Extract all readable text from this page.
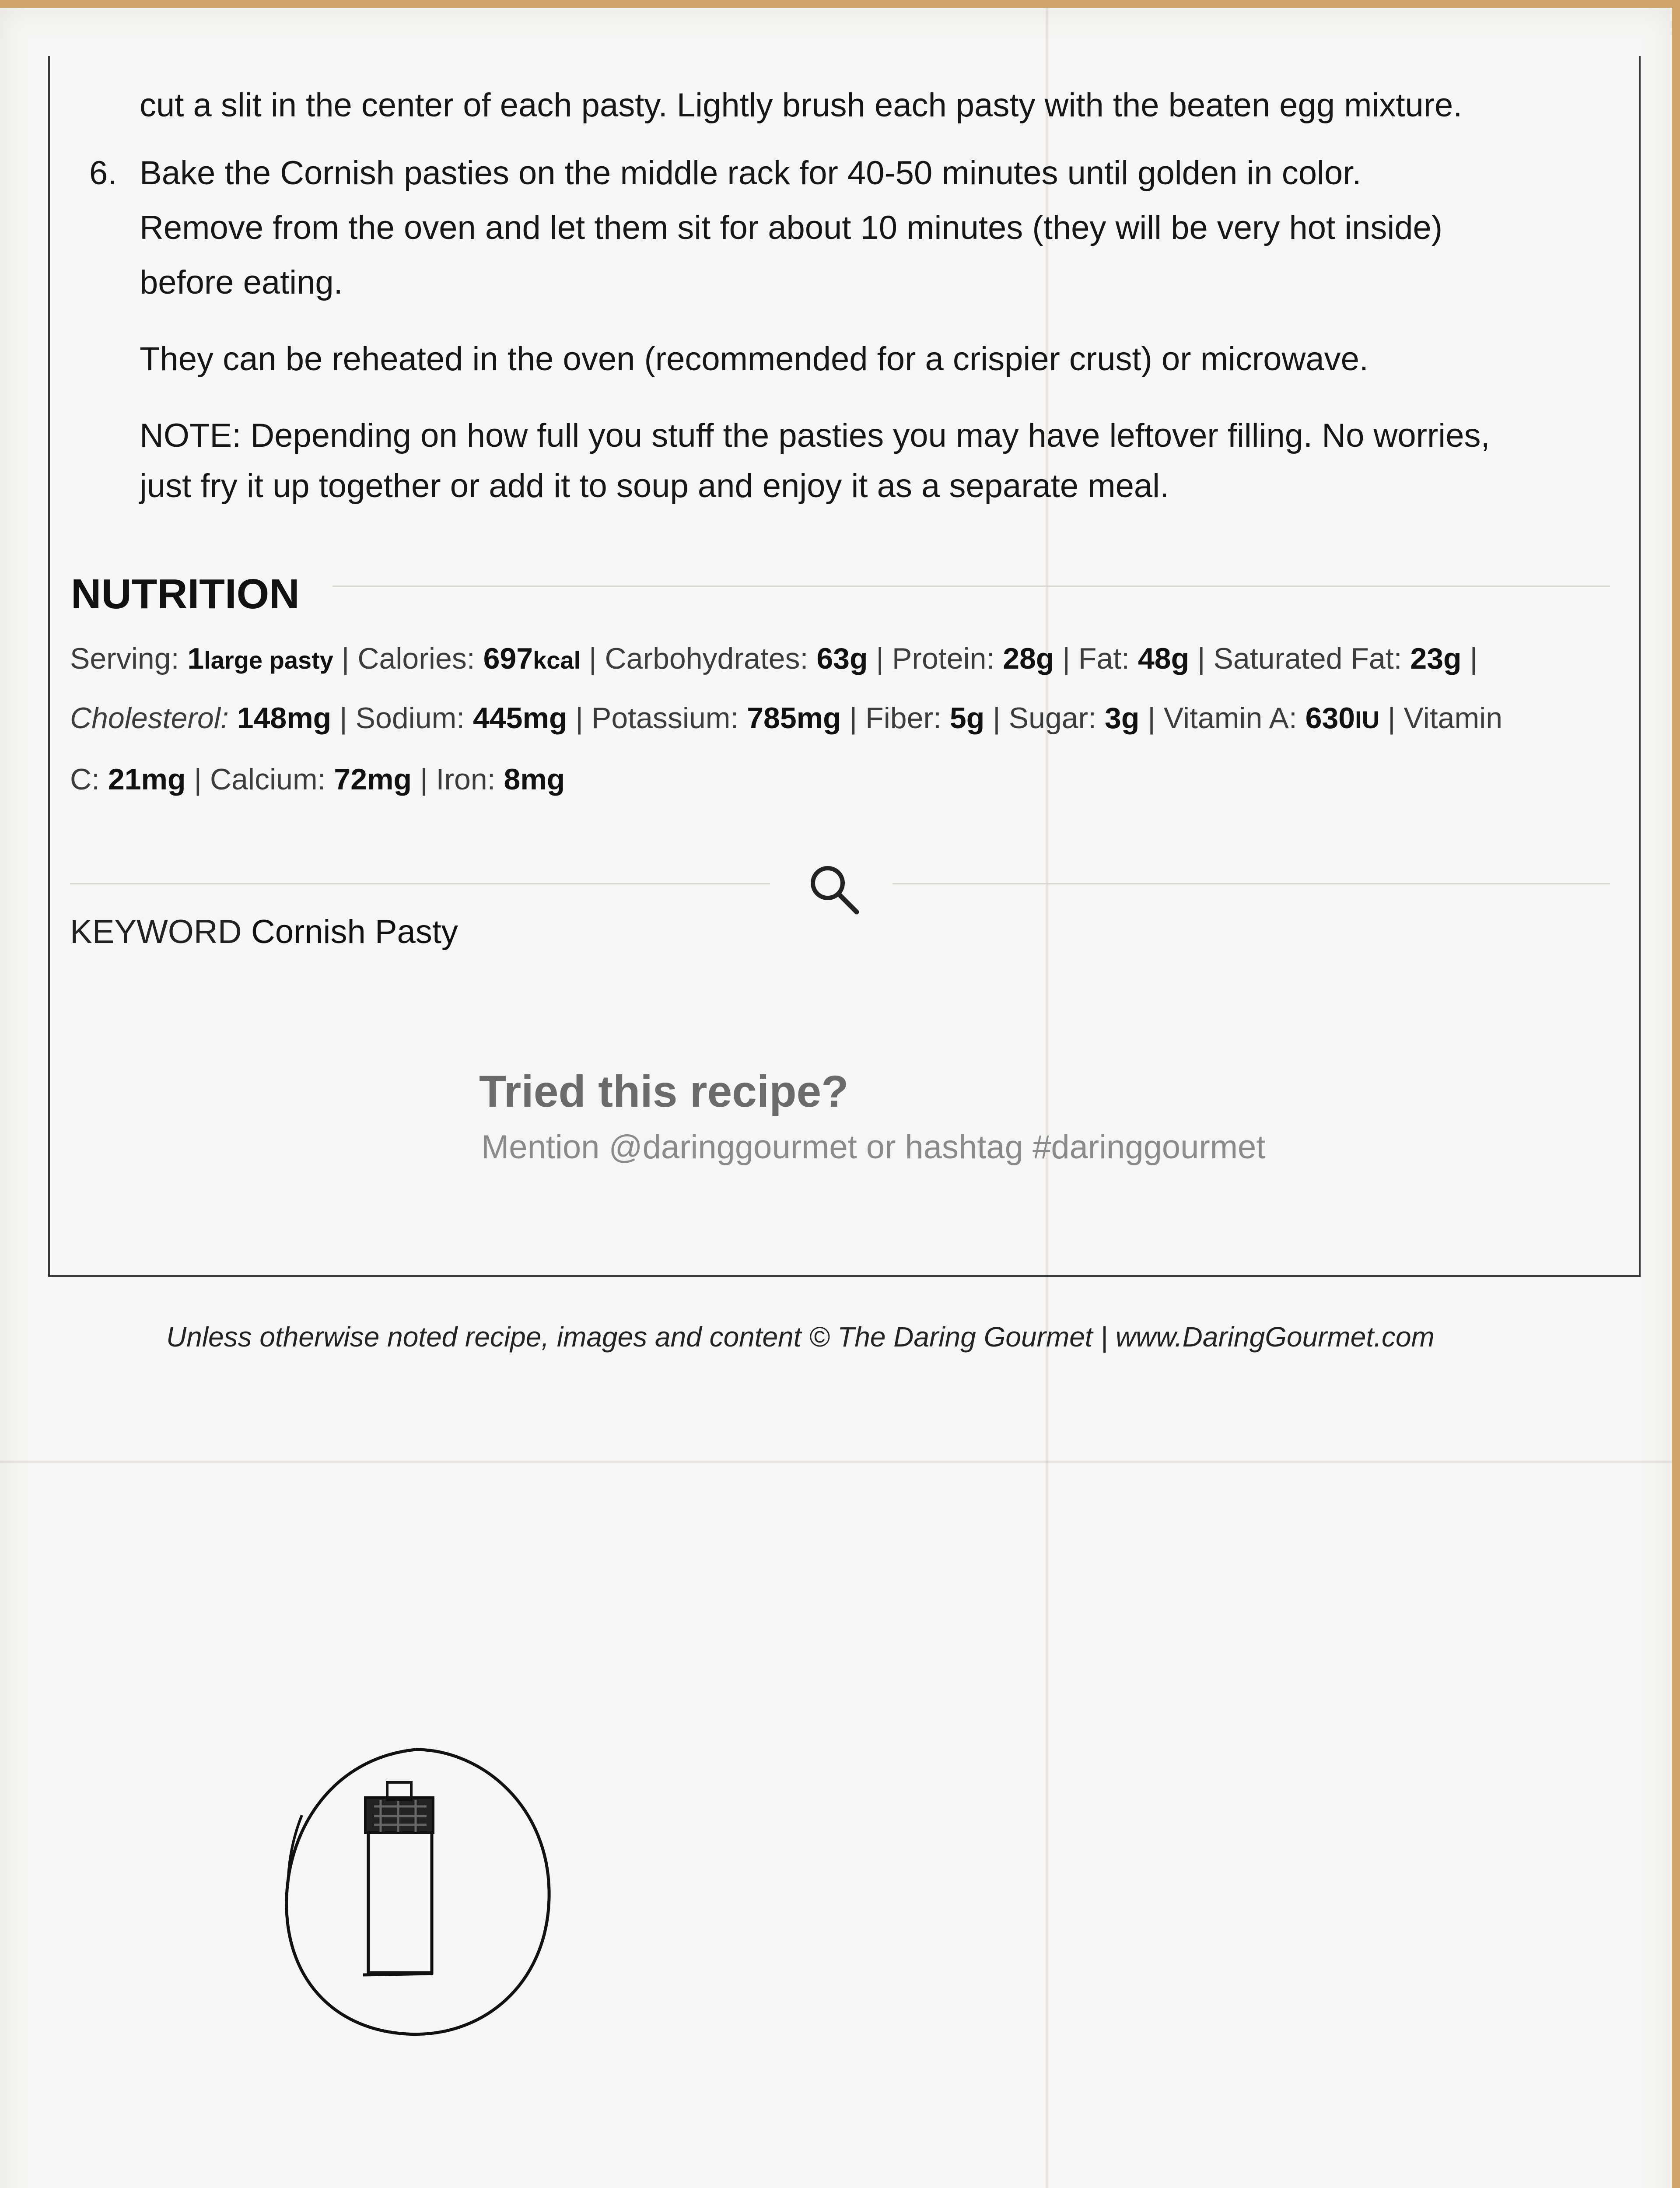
cut a slit in the center of each pasty. Lightly brush each pasty with the beaten egg mixture.
6. Bake the Cornish pasties on the middle rack for 40-50 minutes until golden in color.
Remove from the oven and let them sit for about 10 minutes (they will be very hot inside)
before eating.
They can be reheated in the oven (recommended for a crispier crust) or microwave.
NOTE: Depending on how full you stuff the pasties you may have leftover filling. No worries,
just fry it up together or add it to soup and enjoy it as a separate meal.
NUTRITION
Serving: 1large pasty | Calories: 697kcal | Carbohydrates: 63g | Protein: 28g | Fat: 48g | Saturated Fat: 23g |
Cholesterol: 148mg | Sodium: 445mg | Potassium: 785mg | Fiber: 5g | Sugar: 3g | Vitamin A: 630IU | Vitamin
C: 21mg | Calcium: 72mg | Iron: 8mg
KEYWORD Cornish Pasty
Tried this recipe?
Mention @daringgourmet or hashtag #daringgourmet
Unless otherwise noted recipe, images and content © The Daring Gourmet | www.DaringGourmet.com
